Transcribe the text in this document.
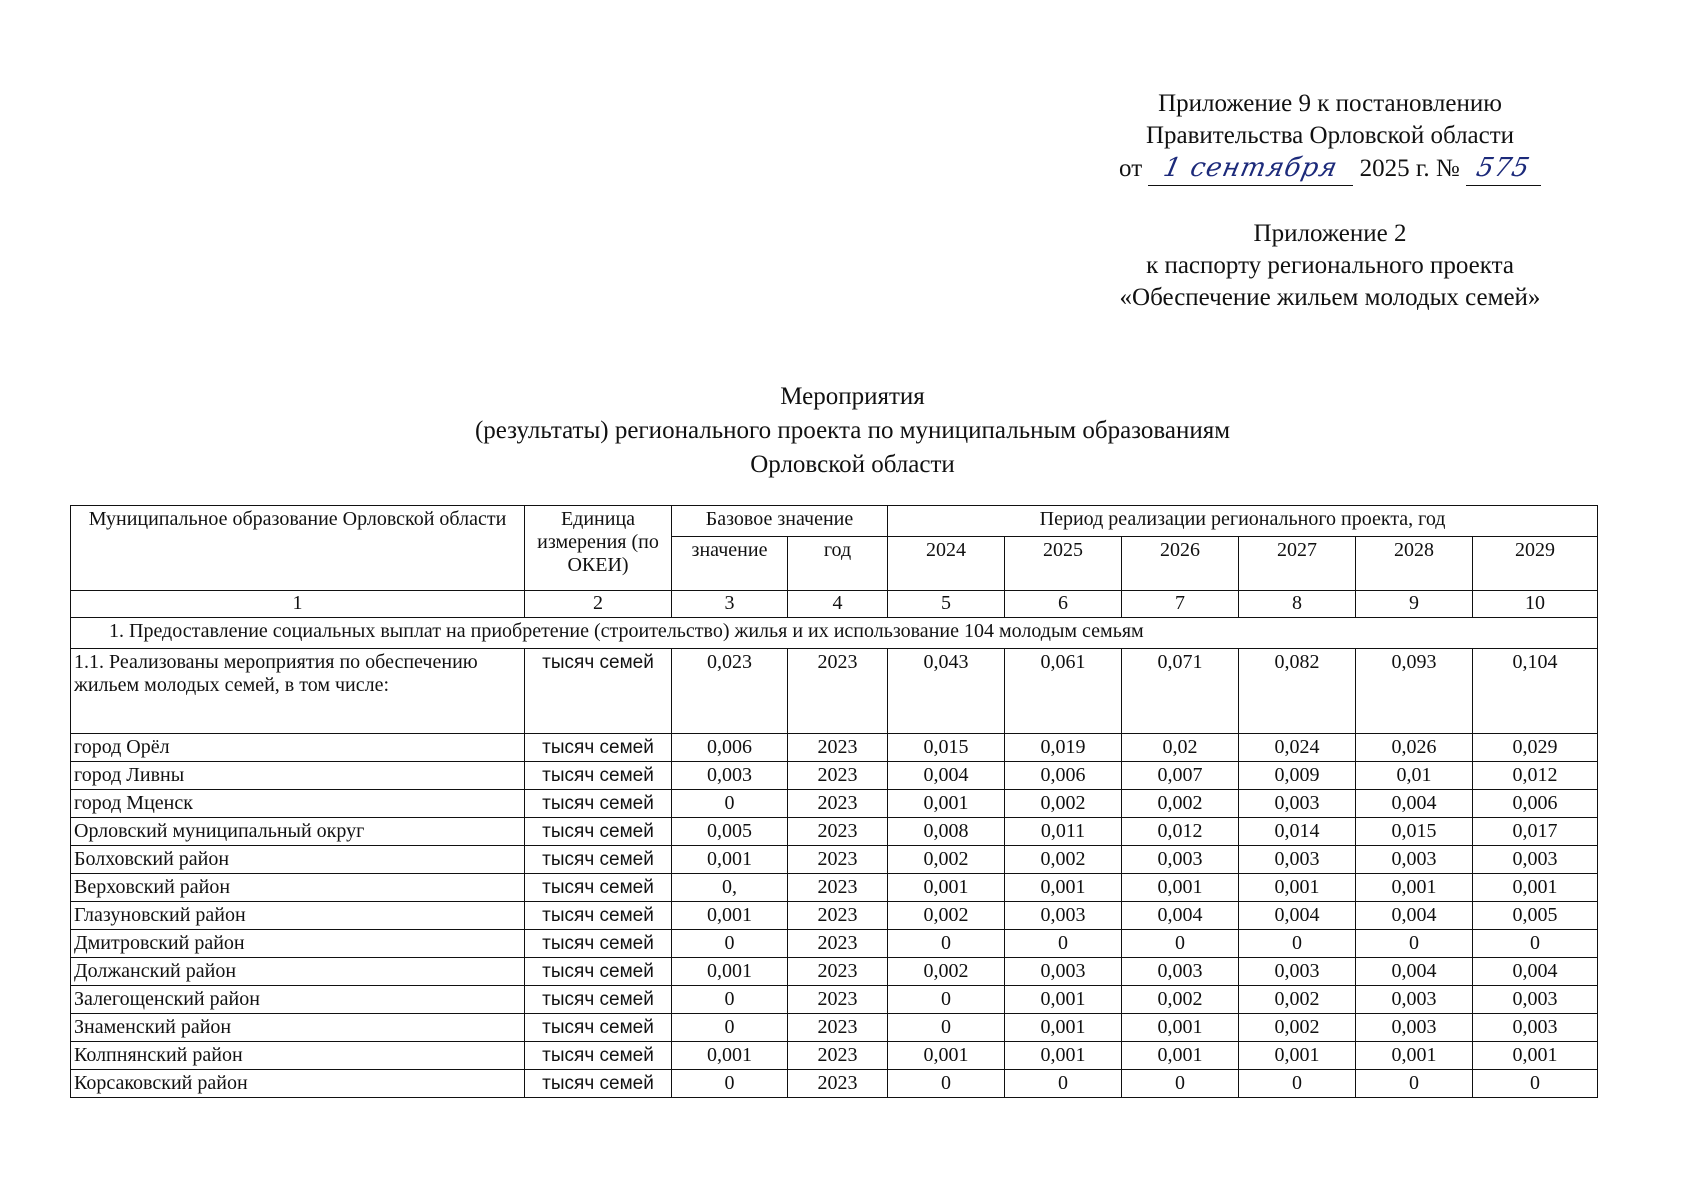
Приложение 9 к постановлению
Правительства Орловской области
от 1 сентября 2025 г. № 575
Приложение 2
к паспорту регионального проекта
«Обеспечение жильем молодых семей»
Мероприятия
(результаты) регионального проекта по муниципальным образованиям
Орловской области
Муниципальное образование Орловской области	Единица измерения (по ОКЕИ)	Базовое значение		Период реализации регионального проекта, год					
		значение	год	2024	2025	2026	2027	2028	2029
1	2	3	4	5	6	7	8	9	10
1. Предоставление социальных выплат на приобретение (строительство) жилья и их использование 104 молодым семьям									
1.1. Реализованы мероприятия по обеспечению жильем молодых семей, в том числе:	тысяч семей	0,023	2023	0,043	0,061	0,071	0,082	0,093	0,104
город Орёл	тысяч семей	0,006	2023	0,015	0,019	0,02	0,024	0,026	0,029
город Ливны	тысяч семей	0,003	2023	0,004	0,006	0,007	0,009	0,01	0,012
город Мценск	тысяч семей	0	2023	0,001	0,002	0,002	0,003	0,004	0,006
Орловский муниципальный округ	тысяч семей	0,005	2023	0,008	0,011	0,012	0,014	0,015	0,017
Болховский район	тысяч семей	0,001	2023	0,002	0,002	0,003	0,003	0,003	0,003
Верховский район	тысяч семей	0,	2023	0,001	0,001	0,001	0,001	0,001	0,001
Глазуновский район	тысяч семей	0,001	2023	0,002	0,003	0,004	0,004	0,004	0,005
Дмитровский район	тысяч семей	0	2023	0	0	0	0	0	0
Должанский район	тысяч семей	0,001	2023	0,002	0,003	0,003	0,003	0,004	0,004
Залегощенский район	тысяч семей	0	2023	0	0,001	0,002	0,002	0,003	0,003
Знаменский район	тысяч семей	0	2023	0	0,001	0,001	0,002	0,003	0,003
Колпнянский район	тысяч семей	0,001	2023	0,001	0,001	0,001	0,001	0,001	0,001
Корсаковский район	тысяч семей	0	2023	0	0	0	0	0	0
